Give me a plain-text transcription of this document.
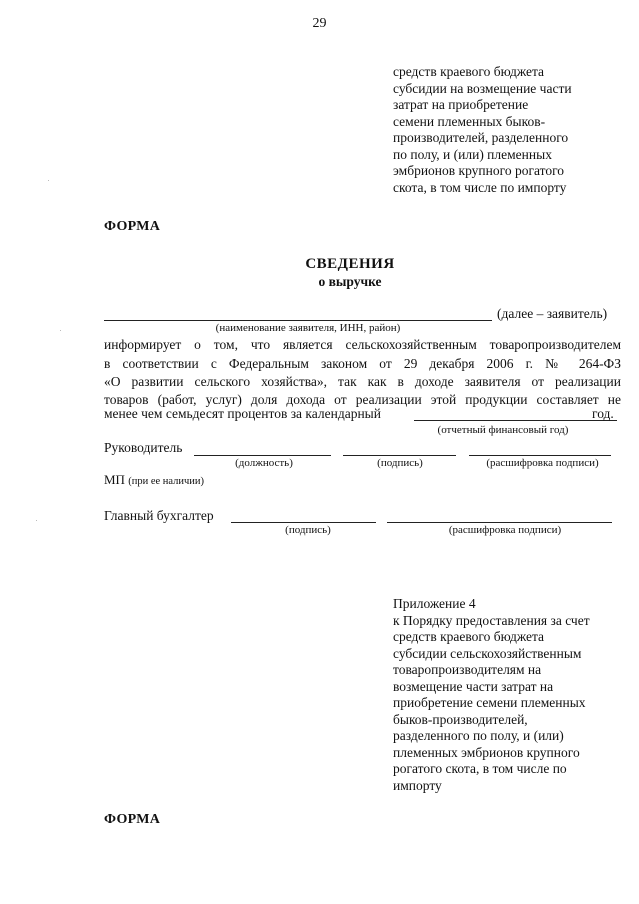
29
средств краевого бюджета
субсидии на возмещение части
затрат на приобретение
семени племенных быков-
производителей, разделенного
по полу, и (или) племенных
эмбрионов крупного рогатого
скота, в том числе по импорту
ФОРМА
СВЕДЕНИЯ
о выручке
(далее – заявитель)
(наименование заявителя, ИНН, район)
информирует о том, что является сельскохозяйственным товаропроизводителем
в соответствии с Федеральным законом от 29 декабря 2006 г. № 264-ФЗ
«О развитии сельского хозяйства», так как в доходе заявителя от реализации
товаров (работ, услуг) доля дохода от реализации этой продукции составляет не
менее чем семьдесят процентов за календарный	год.
(отчетный финансовый год)
Руководитель
(должность)	(подпись)	(расшифровка подписи)
МП (при ее наличии)
Главный бухгалтер
(подпись)	(расшифровка подписи)
Приложение 4
к Порядку предоставления за счет
средств краевого бюджета
субсидии сельскохозяйственным
товаропроизводителям на
возмещение части затрат на
приобретение семени племенных
быков-производителей,
разделенного по полу, и (или)
племенных эмбрионов крупного
рогатого скота, в том числе по
импорту
ФОРМА
